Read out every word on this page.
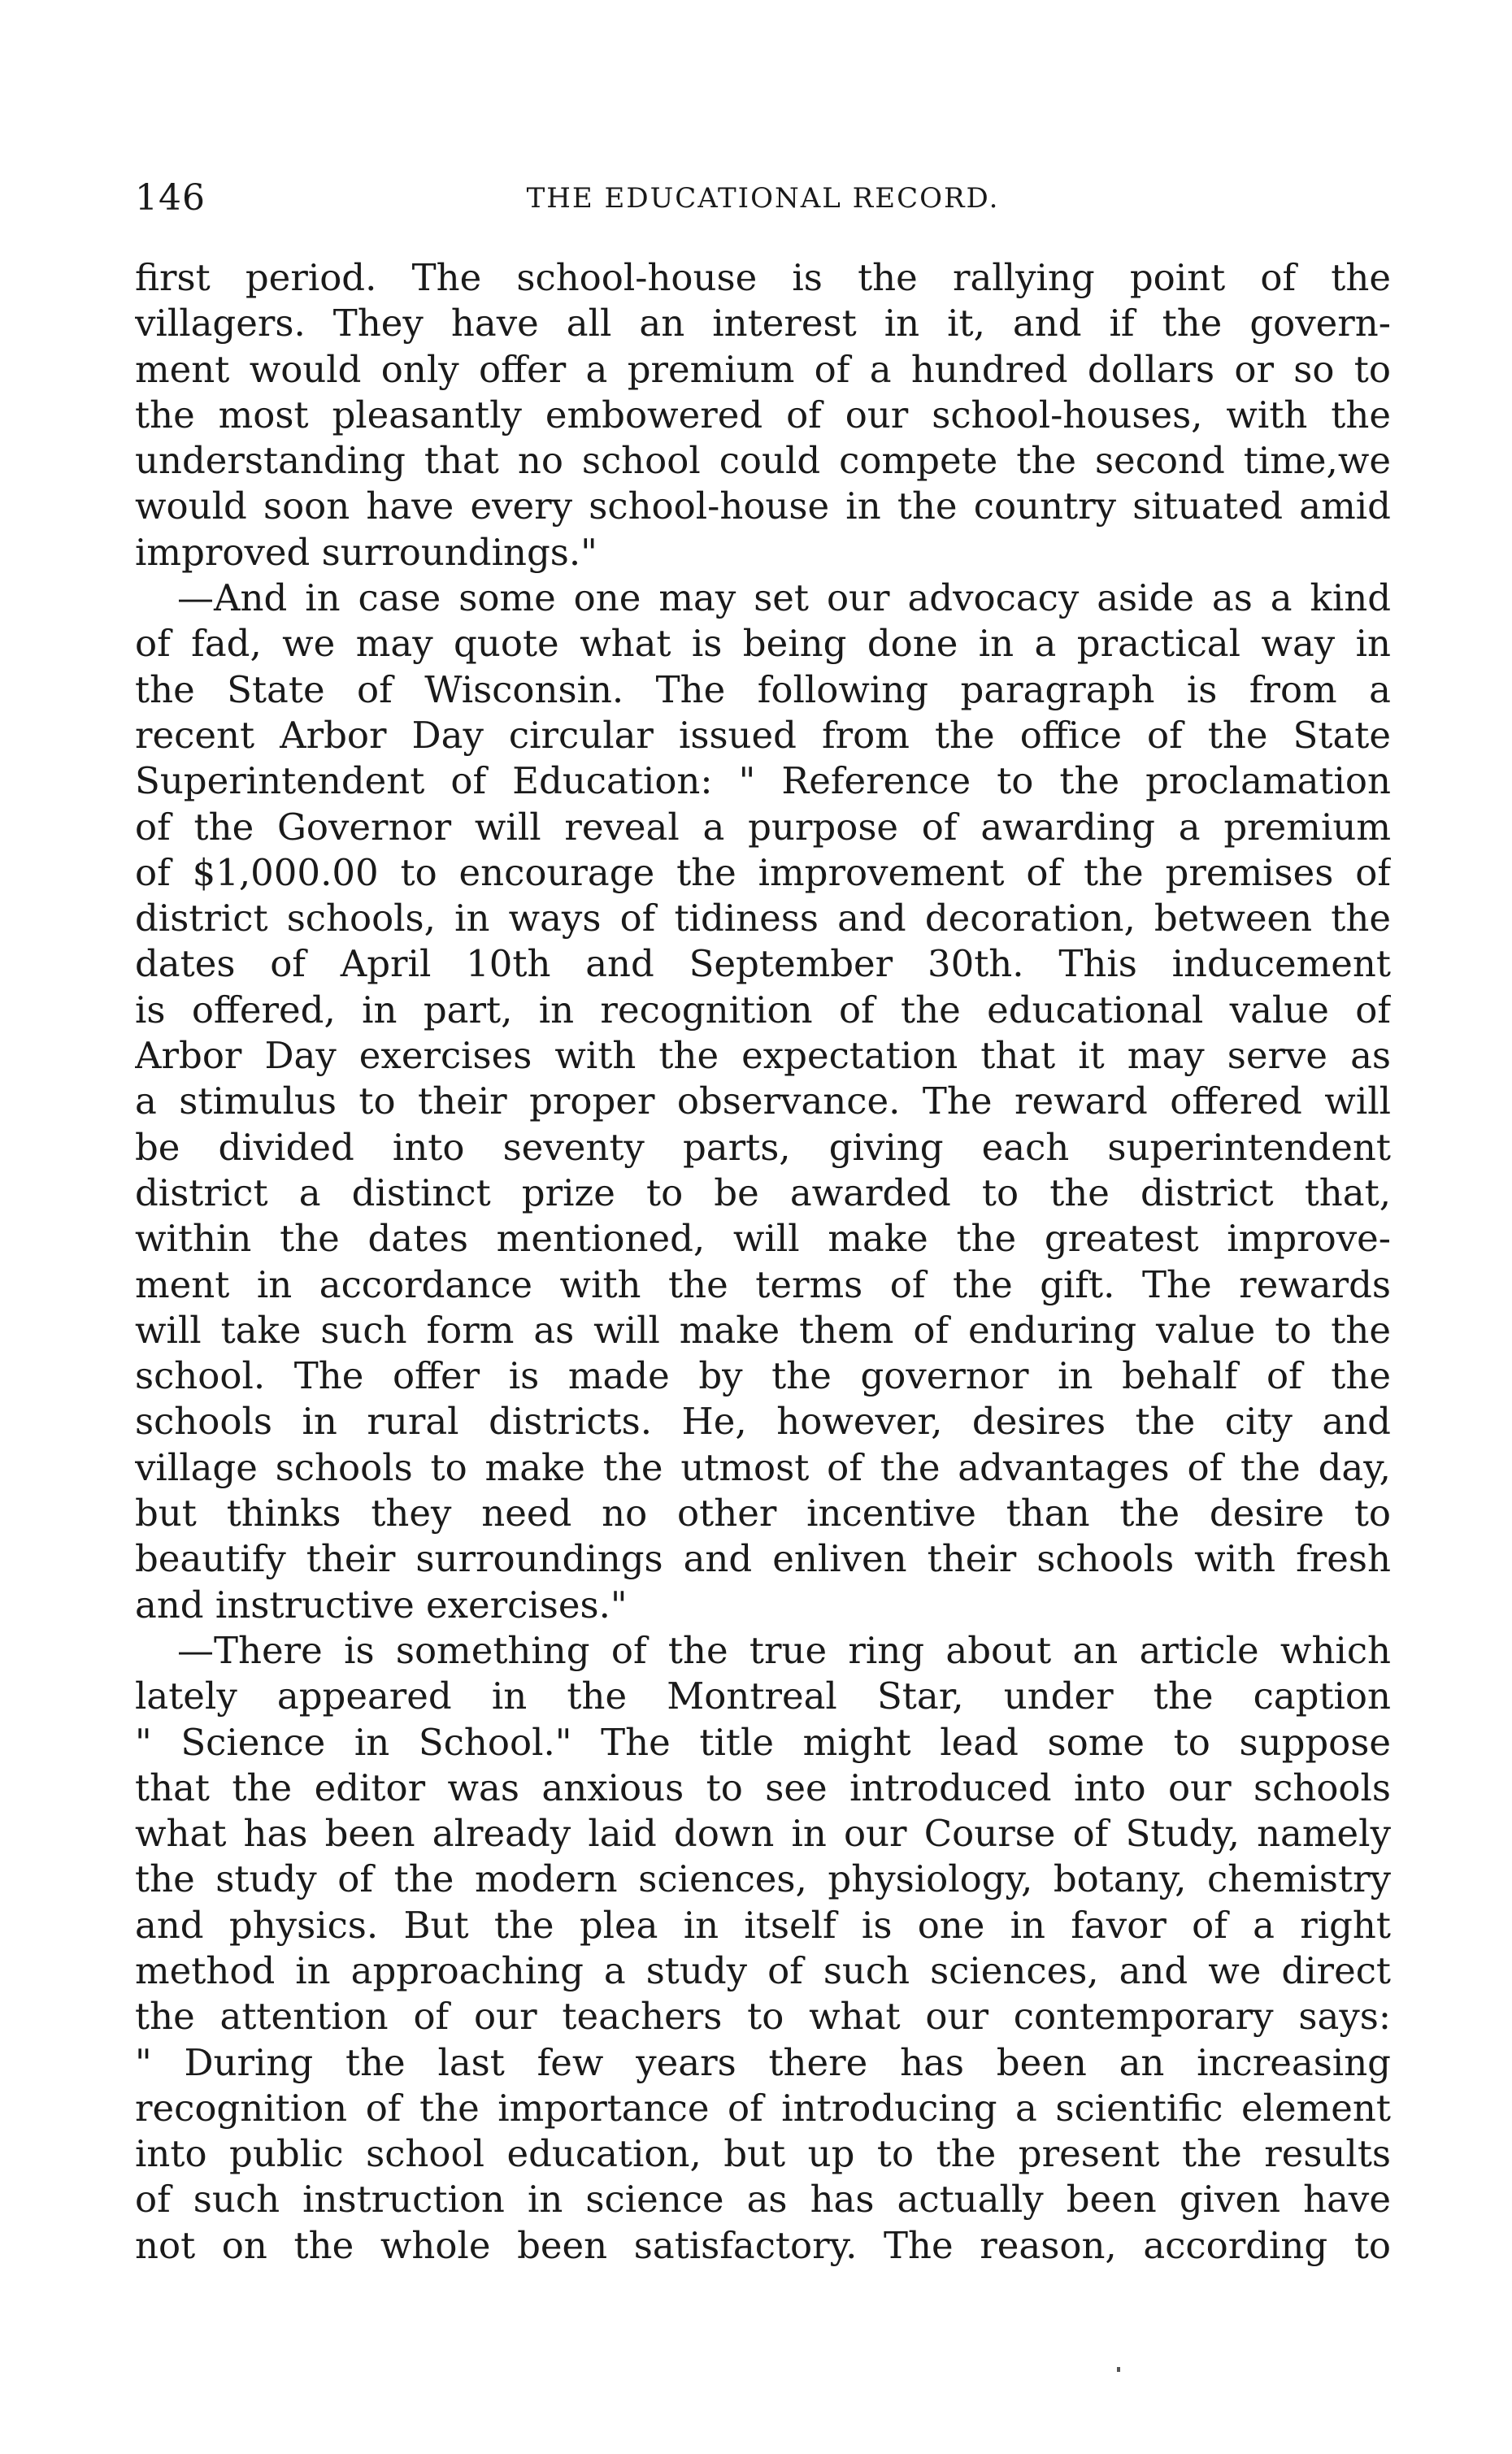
146	THE EDUCATIONAL RECORD.
first period. The school-house is the rallying point of the
villagers. They have all an interest in it, and if the govern-
ment would only offer a premium of a hundred dollars or so to
the most pleasantly embowered of our school-houses, with the
understanding that no school could compete the second time,we
would soon have every school-house in the country situated amid
improved surroundings."
—And in case some one may set our advocacy aside as a kind
of fad, we may quote what is being done in a practical way in
the State of Wisconsin. The following paragraph is from a
recent Arbor Day circular issued from the office of the State
Superintendent of Education: " Reference to the proclamation
of the Governor will reveal a purpose of awarding a premium
of $1,000.00 to encourage the improvement of the premises of
district schools, in ways of tidiness and decoration, between the
dates of April 10th and September 30th. This inducement
is offered, in part, in recognition of the educational value of
Arbor Day exercises with the expectation that it may serve as
a stimulus to their proper observance. The reward offered will
be divided into seventy parts, giving each superintendent
district a distinct prize to be awarded to the district that,
within the dates mentioned, will make the greatest improve-
ment in accordance with the terms of the gift. The rewards
will take such form as will make them of enduring value to the
school. The offer is made by the governor in behalf of the
schools in rural districts. He, however, desires the city and
village schools to make the utmost of the advantages of the day,
but thinks they need no other incentive than the desire to
beautify their surroundings and enliven their schools with fresh
and instructive exercises."
—There is something of the true ring about an article which
lately appeared in the Montreal Star, under the caption
" Science in School." The title might lead some to suppose
that the editor was anxious to see introduced into our schools
what has been already laid down in our Course of Study, namely
the study of the modern sciences, physiology, botany, chemistry
and physics. But the plea in itself is one in favor of a right
method in approaching a study of such sciences, and we direct
the attention of our teachers to what our contemporary says:
" During the last few years there has been an increasing
recognition of the importance of introducing a scientific element
into public school education, but up to the present the results
of such instruction in science as has actually been given have
not on the whole been satisfactory. The reason, according to
